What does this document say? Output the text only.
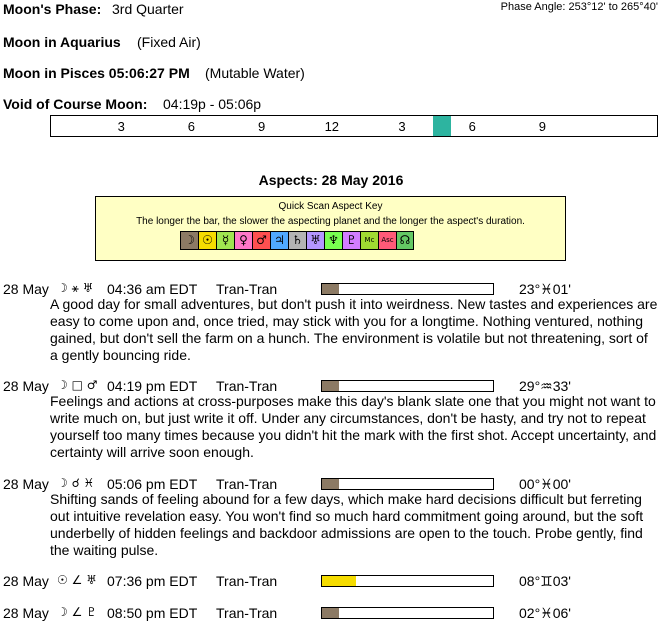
Moon's Phase: 3rd Quarter	Phase Angle: 253°12' to 265°40'
Moon in Aquarius (Fixed Air)
Moon in Pisces 05:06:27 PM (Mutable Water)
Void of Course Moon: 04:19p - 05:06p
3	6	9	12	3	6	9
Aspects: 28 May 2016
Quick Scan Aspect Key
The longer the bar, the slower the aspecting planet and the longer the aspect's duration.
☽ ☉ ☿ ♀ ♂ ♃ ♄ ♅ ♆ ♇	Mc Asc ☊
28 May ☽ ⚹ ♅ 04:36 am EDT Tran-Tran	23°♓01'
A good day for small adventures, but don't push it into weirdness. New tastes and experiences are easy to come upon and, once tried, may stick with you for a longtime. Nothing ventured, nothing gained, but don't sell the farm on a hunch. The environment is volatile but not threatening, sort of a gently bouncing ride.
28 May ☽ □ ♂ 04:19 pm EDT Tran-Tran	29°♒33'
Feelings and actions at cross-purposes make this day's blank slate one that you might not want to write much on, but just write it off. Under any circumstances, don't be hasty, and try not to repeat yourself too many times because you didn't hit the mark with the first shot. Accept uncertainty, and certainty will arrive soon enough.
28 May ☽ ☌ ♓ 05:06 pm EDT Tran-Tran	00°♓00'
Shifting sands of feeling abound for a few days, which make hard decisions difficult but ferreting out intuitive revelation easy. You won't find so much hard commitment going around, but the soft underbelly of hidden feelings and backdoor admissions are open to the touch. Probe gently, find the waiting pulse.
28 May ☉ ∠ ♅ 07:36 pm EDT Tran-Tran	08°♊03'
28 May ☽ ∠ ♇ 08:50 pm EDT Tran-Tran	02°♓06'
